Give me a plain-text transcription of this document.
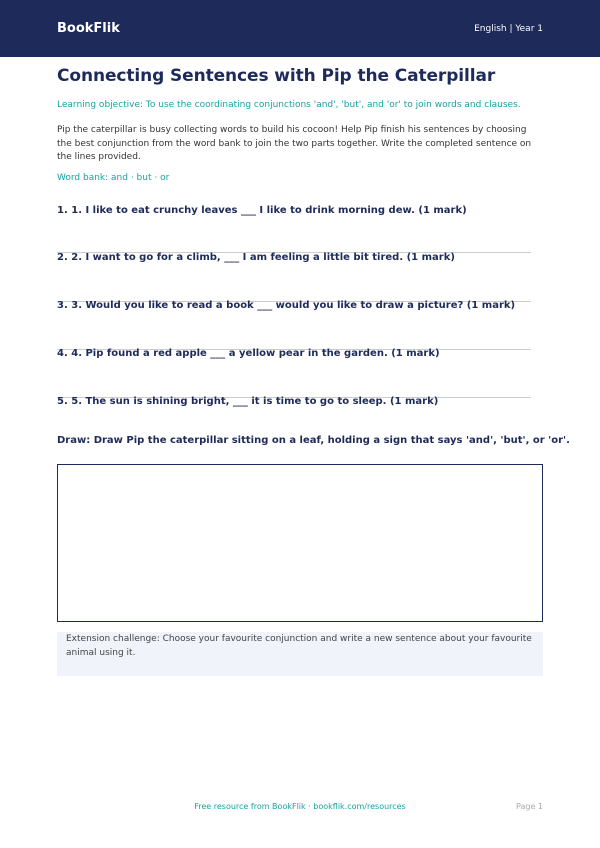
BookFlik	English | Year 1
Connecting Sentences with Pip the Caterpillar
Learning objective: To use the coordinating conjunctions 'and', 'but', and 'or' to join words and clauses.
Pip the caterpillar is busy collecting words to build his cocoon! Help Pip finish his sentences by choosing the best conjunction from the word bank to join the two parts together. Write the completed sentence on the lines provided.
Word bank: and · but · or
1. 1. I like to eat crunchy leaves ___ I like to drink morning dew. (1 mark)
2. 2. I want to go for a climb, ___ I am feeling a little bit tired. (1 mark)
3. 3. Would you like to read a book ___ would you like to draw a picture? (1 mark)
4. 4. Pip found a red apple ___ a yellow pear in the garden. (1 mark)
5. 5. The sun is shining bright, ___ it is time to go to sleep. (1 mark)
Draw: Draw Pip the caterpillar sitting on a leaf, holding a sign that says 'and', 'but', or 'or'.
Extension challenge: Choose your favourite conjunction and write a new sentence about your favourite animal using it.
Free resource from BookFlik · bookflik.com/resources	Page 1
